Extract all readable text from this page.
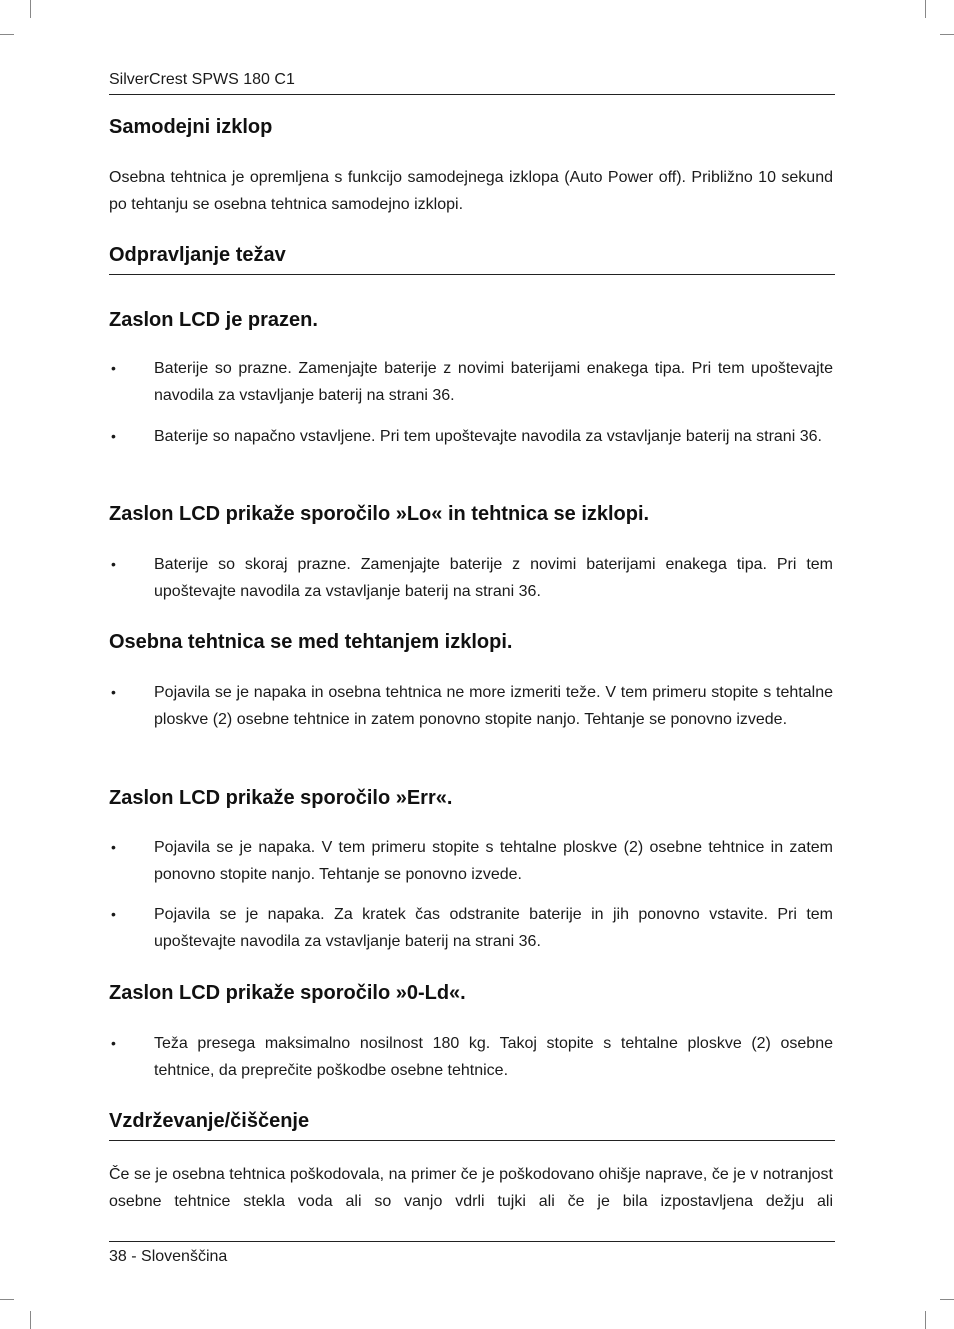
SilverCrest SPWS 180 C1
Samodejni izklop

Osebna tehtnica je opremljena s funkcijo samodejnega izklopa (Auto Power off). Približno 10 sekund po tehtanju se osebna tehtnica samodejno izklopi.

Odpravljanje težav
Zaslon LCD je prazen.
• Baterije so prazne. Zamenjajte baterije z novimi baterijami enakega tipa. Pri tem upoštevajte navodila za vstavljanje baterij na strani 36.

• Baterije so napačno vstavljene. Pri tem upoštevajte navodila za vstavljanje baterij na strani 36.

Zaslon LCD prikaže sporočilo »Lo« in tehtnica se izklopi.
• Baterije so skoraj prazne. Zamenjajte baterije z novimi baterijami enakega tipa. Pri tem upoštevajte navodila za vstavljanje baterij na strani 36.

Osebna tehtnica se med tehtanjem izklopi.
• Pojavila se je napaka in osebna tehtnica ne more izmeriti teže. V tem primeru stopite s tehtalne ploskve (2) osebne tehtnice in zatem ponovno stopite nanjo. Tehtanje se ponovno izvede.

Zaslon LCD prikaže sporočilo »Err«.
• Pojavila se je napaka. V tem primeru stopite s tehtalne ploskve (2) osebne tehtnice in zatem ponovno stopite nanjo. Tehtanje se ponovno izvede.

• Pojavila se je napaka. Za kratek čas odstranite baterije in jih ponovno vstavite. Pri tem upoštevajte navodila za vstavljanje baterij na strani 36.

Zaslon LCD prikaže sporočilo »0-Ld«.
• Teža presega maksimalno nosilnost 180 kg. Takoj stopite s tehtalne ploskve (2) osebne tehtnice, da preprečite poškodbe osebne tehtnice.

Vzdrževanje/čiščenje

Če se je osebna tehtnica poškodovala, na primer če je poškodovano ohišje naprave, če je v notranjost osebne tehtnice stekla voda ali so vanjo vdrli tujki ali če je bila izpostavljena dežju ali

38 - Slovenščina
